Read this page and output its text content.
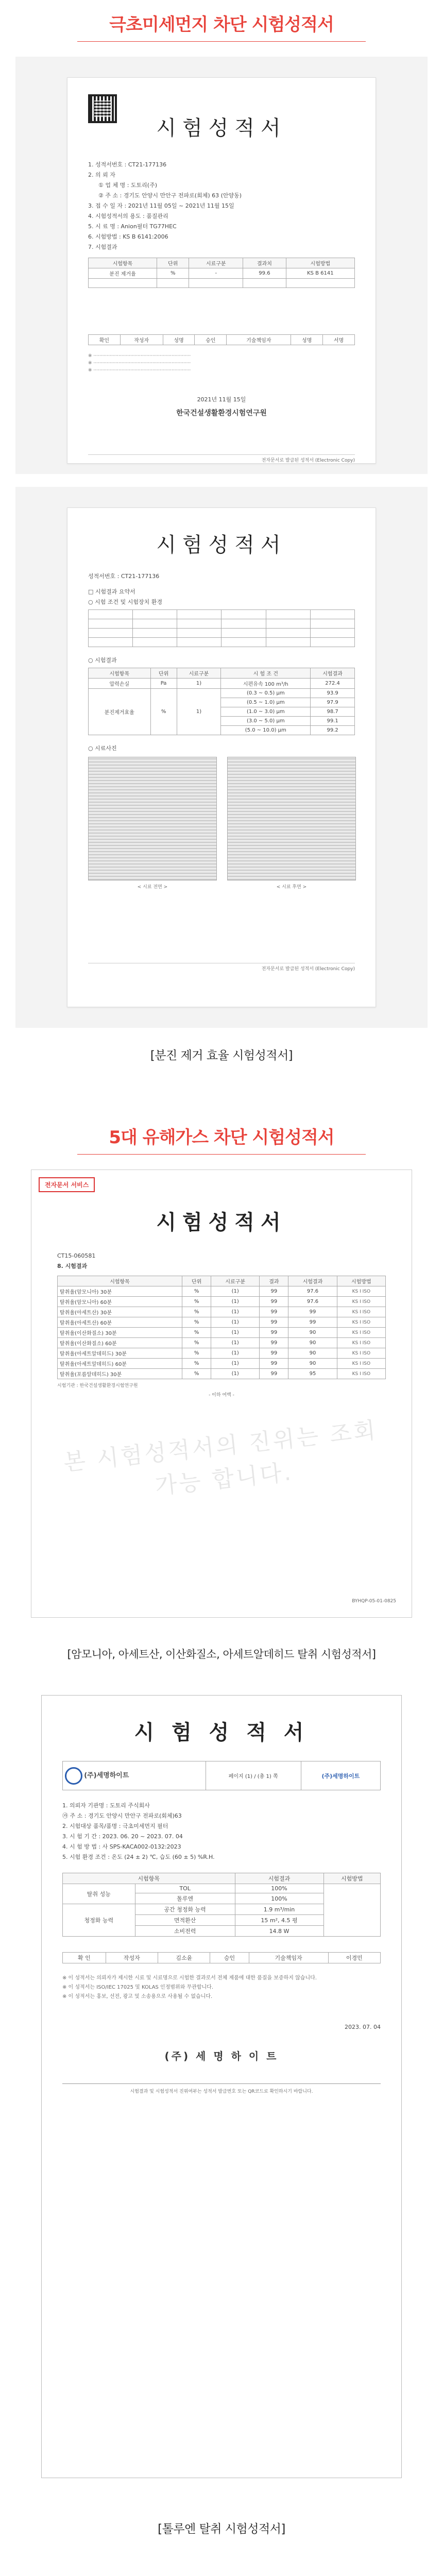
극초미세먼지 차단 시험성적서
시험성적서
1. 성적서번호 : CT21-177136
2. 의 뢰 자
① 업 체 명 : 도토리(주)
② 주 소 : 경기도 안양시 만안구 전파로(회체) 63 (안양동)
3. 접 수 일 자 : 2021년 11월 05일 ~ 2021년 11월 15일
4. 시험성적서의 용도 : 품질관리
5. 시 료 명 : Anion필터 TG77HEC
6. 시험방법 : KS B 6141:2006
7. 시험결과
시험항목	단위	시료구분	결과치	시험방법
분진 제거율	%	-	99.6	KS B 6141

확인	작성자	성명	승인	기술책임자	성명	서명
※ ··································································
※ ··································································
※ ··································································
2021년 11월 15일
한국건설생활환경시험연구원
전자문서로 발급된 성적서 (Electronic Copy)
시험성적서
성적서번호 : CT21-177136
□ 시험결과 요약서
○ 시험 조건 및 시험장치 환경

○ 시험결과
시험항목	단위	시료구분	시 험 조 건	시험결과
압력손실	Pa	1)	시편유속 100 m³/h	272.4
분진제거효율	%	1)	(0.3 ~ 0.5) μm	93.9
			(0.5 ~ 1.0) μm	97.9
			(1.0 ~ 3.0) μm	98.7
			(3.0 ~ 5.0) μm	99.1
			(5.0 ~ 10.0) μm	99.2
○ 시료사진
< 시료 전면 >	< 시료 후면 >
전자문서로 발급된 성적서 (Electronic Copy)
[분진 제거 효율 시험성적서]
5대 유해가스 차단 시험성적서
전자문서 서비스
시험성적서
CT15-060581
8. 시험결과
시험항목	단위	시료구분	결과	시험결과	시험방법
탈취율(암모니아) 30분	%	(1)	99	97.6	KS I ISO
탈취율(암모니아) 60분	%	(1)	99	97.6	KS I ISO
탈취율(아세트산) 30분	%	(1)	99	99	KS I ISO
탈취율(아세트산) 60분	%	(1)	99	99	KS I ISO
탈취율(이산화질소) 30분	%	(1)	99	90	KS I ISO
탈취율(이산화질소) 60분	%	(1)	99	90	KS I ISO
탈취율(아세트알데히드) 30분	%	(1)	99	90	KS I ISO
탈취율(아세트알데히드) 60분	%	(1)	99	90	KS I ISO
탈취율(포름알데히드) 30분	%	(1)	99	95	KS I ISO
시험기관 : 한국건설생활환경시험연구원
- 이하 여백 -
본 시험성적서의 진위는 조회 가능 합니다.
BYHQP-05-01-0825
[암모니아, 아세트산, 이산화질소, 아세트알데히드 탈취 시험성적서]
시 험 성 적 서
(주)세명하이트	페이지 (1) / (총 1) 쪽	(주)세명하이트
1. 의뢰자 기관명 : 도토리 주식회사
㉮ 주 소 : 경기도 안양시 만안구 전파로(회체)63
2. 시험대상 품목/품명 : 극초미세먼지 필터
3. 시 험 기 간 : 2023. 06. 20 ~ 2023. 07. 04
4. 시 험 방 법 : 사 SPS-KACA002-0132:2023
5. 시험 환경 조건 : 온도 (24 ± 2) ℃, 습도 (60 ± 5) %R.H.
시험항목		시험결과	시험방법
탈취 성능	TOL	100%	
	톨루엔	100%	
청정화 능력	공간 청정화 능력	1.9 m³/min	
	면적환산	15 m², 4.5 평	
	소비전력	14.8 W	
확 인	작성자	김소윤	승인	기술책임자	이경민
※ 이 성적서는 의뢰자가 제시한 시료 및 시료명으로 시험한 결과로서 전체 제품에 대한 품질을 보증하지 않습니다.
※ 이 성적서는 ISO/IEC 17025 및 KOLAS 인정범위와 무관합니다.
※ 이 성적서는 홍보, 선전, 광고 및 소송용으로 사용될 수 없습니다.
2023. 07. 04
(주) 세 명 하 이 트
시험결과 및 시험성적서 진위여부는 성적서 발급번호 또는 QR코드로 확인하시기 바랍니다.
[톨루엔 탈취 시험성적서]
